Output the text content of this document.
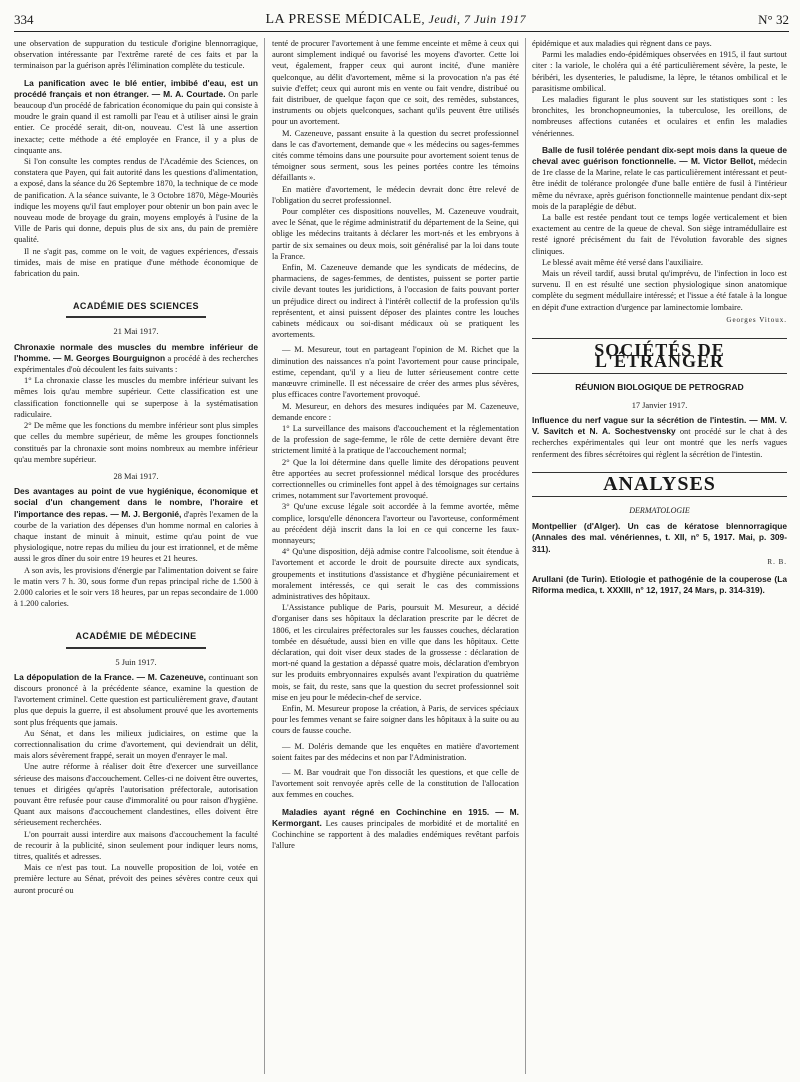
334	LA PRESSE MÉDICALE, Jeudi, 7 Juin 1917	N° 32

une observation de suppuration du testicule d'origine blennorragique, observation intéressante par l'extrême rareté de ces faits et par la terminaison par la guérison après l'élimination complète du testicule.

La panification avec le blé entier, imbibé d'eau, est un procédé français et non étranger. — M. A. Courtade. On parle beaucoup d'un procédé de fabrication économique du pain qui consiste à moudre le grain quand il est ramolli par l'eau et à utiliser ainsi le grain entier. Ce procédé serait, dit-on, nouveau. C'est là une assertion inexacte; cette méthode a été employée en France, il y a plus de cinquante ans.

Si l'on consulte les comptes rendus de l'Académie des Sciences, on constatera que Payen, qui fait autorité dans les questions d'alimentation, a exposé, dans la séance du 26 Septembre 1870, la technique de ce mode de panification. A la séance suivante, le 3 Octobre 1870, Mège-Mouriès indique les moyens qu'il faut employer pour obtenir un bon pain avec le nouveau mode de broyage du grain, moyens employés à l'usine de la Ville de Paris qui donne, depuis plus de six ans, du pain de première qualité.

Il ne s'agit pas, comme on le voit, de vagues expériences, d'essais timides, mais de mise en pratique d'une méthode économique de fabrication du pain.

ACADÉMIE DES SCIENCES
21 Mai 1917.

Chronaxie normale des muscles du membre inférieur de l'homme. — M. Georges Bourguignon a procédé à des recherches expérimentales d'où découlent les faits suivants :

1° La chronaxie classe les muscles du membre inférieur suivant les mêmes lois qu'au membre supérieur. Cette classification est une classification fonctionnelle qui se superpose à la systématisation radiculaire.

2° De même que les fonctions du membre inférieur sont plus simples que celles du membre supérieur, de même les groupes fonctionnels constitués par la chronaxie sont moins nombreux au membre inférieur qu'au membre supérieur.

28 Mai 1917.

Des avantages au point de vue hygiénique, économique et social d'un changement dans le nombre, l'horaire et l'importance des repas. — M. J. Bergonié, d'après l'examen de la courbe de la variation des dépenses d'un homme normal en calories à chaque instant de minuit à minuit, estime qu'au point de vue physiologique, notre repas du milieu du jour est irrationnel, et de même aussi le gros dîner du soir entre 19 heures et 21 heures.

A son avis, les provisions d'énergie par l'alimentation doivent se faire le matin vers 7 h. 30, sous forme d'un repas principal riche de 1.500 à 2.000 calories et le soir vers 18 heures, par un repas secondaire de 1.000 à 1.200 calories.

ACADÉMIE DE MÉDECINE
5 Juin 1917.

La dépopulation de la France. — M. Cazeneuve, continuant son discours prononcé à la précédente séance, examine la question de l'avortement criminel. Cette question est particulièrement grave, d'autant plus que depuis la guerre, il est absolument prouvé que les avortements sont plus fréquents que jamais.

Au Sénat, et dans les milieux judiciaires, on estime que la correctionnalisation du crime d'avortement, qui deviendrait un délit, mais alors sévèrement frappé, serait un moyen d'enrayer le mal.

Une autre réforme à réaliser doit être d'exercer une surveillance sérieuse des maisons d'accouchement. Celles-ci ne doivent être ouvertes, tenues et dirigées qu'après l'autorisation préfectorale, autorisation pouvant être refusée pour cause d'immoralité ou pour raison d'hygiène. Quant aux maisons d'accouchement clandestines, elles doivent être sérieusement recherchées.

L'on pourrait aussi interdire aux maisons d'accouchement la faculté de recourir à la publicité, sinon seulement pour indiquer leurs noms, titres, qualités et adresses.

Mais ce n'est pas tout. La nouvelle proposition de loi, votée en première lecture au Sénat, prévoit des peines sévères contre ceux qui auront procuré ou

tenté de procurer l'avortement à une femme enceinte et même à ceux qui auront simplement indiqué ou favorisé les moyens d'avorter. Cette loi veut, également, frapper ceux qui auront incité, d'une manière quelconque, au délit d'avortement, même si la provocation n'a pas été suivie d'effet; ceux qui auront mis en vente ou fait vendre, distribué ou fait distribuer, de quelque façon que ce soit, des remèdes, substances, instruments ou objets quelconques, sachant qu'ils peuvent être utilisés pour un avortement.

M. Cazeneuve, passant ensuite à la question du secret professionnel dans le cas d'avortement, demande que « les médecins ou sages-femmes cités comme témoins dans une poursuite pour avortement soient tenus de témoigner sous serment, sous les peines portées contre les témoins défaillants ».

En matière d'avortement, le médecin devrait donc être relevé de l'obligation du secret professionnel.

Pour compléter ces dispositions nouvelles, M. Cazeneuve voudrait, avec le Sénat, que le régime administratif du département de la Seine, qui oblige les médecins traitants à déclarer les mort-nés et les embryons à partir de six semaines ou deux mois, soit généralisé par la loi dans toute la France.

Enfin, M. Cazeneuve demande que les syndicats de médecins, de pharmaciens, de sages-femmes, de dentistes, puissent se porter partie civile devant toutes les juridictions, à l'occasion de faits pouvant porter un préjudice direct ou indirect à l'intérêt collectif de la profession qu'ils représentent, et ainsi puissent déposer des plaintes contre les louches cabinets médicaux ou soi-disant médicaux où se pratiquent les avortements.

— M. Mesureur, tout en partageant l'opinion de M. Richet que la diminution des naissances n'a point l'avortement pour cause principale, estime, cependant, qu'il y a lieu de lutter sérieusement contre cette manœuvre criminelle. Il est nécessaire de créer des armes plus sévères, plus efficaces contre l'avortement provoqué.

M. Mesureur, en dehors des mesures indiquées par M. Cazeneuve, demande encore :

1° La surveillance des maisons d'accouchement et la réglementation de la profession de sage-femme, le rôle de cette dernière devant être strictement limité à la pratique de l'accouchement normal;

2° Que la loi détermine dans quelle limite des déropations peuvent être apportées au secret professionnel médical lorsque des procédures correctionnelles ou criminelles font appel à des témoignages sur certains crimes, notamment sur l'avortement provoqué.

3° Qu'une excuse légale soit accordée à la femme avortée, même complice, lorsqu'elle dénoncera l'avorteur ou l'avorteuse, conformément au précédent déjà inscrit dans la loi en ce qui concerne les faux-monnayeurs;

4° Qu'une disposition, déjà admise contre l'alcoolisme, soit étendue à l'avortement et accorde le droit de poursuite directe aux syndicats, groupements et institutions d'assistance et d'hygiène pécuniairement et moralement intéressés, ce qui serait le cas des commissions administratives des hôpitaux.

L'Assistance publique de Paris, poursuit M. Mesureur, a décidé d'organiser dans ses hôpitaux la déclaration prescrite par le décret de 1806, et les circulaires préfectorales sur les fausses couches, déclaration tombée en désuétude, aussi bien en ville que dans les hôpitaux. Cette déclaration, qui doit viser deux stades de la grossesse : déclaration de mort-né quand la gestation a dépassé quatre mois, déclaration d'embryon sur les produits embryonnaires expulsés avant l'expiration du quatrième mois, se fait, du reste, sans que la question du secret professionnel soit mise en jeu pour le médecin-chef de service.

Enfin, M. Mesureur propose la création, à Paris, de services spéciaux pour les femmes venant se faire soigner dans les hôpitaux à la suite ou au cours de fausse couche.

— M. Doléris demande que les enquêtes en matière d'avortement soient faites par des médecins et non par l'Administration.

— M. Bar voudrait que l'on dissociât les questions, et que celle de l'avortement soit renvoyée après celle de la constitution de l'allocation aux femmes en couches.

Maladies ayant régné en Cochinchine en 1915. — M. Kermorgant. Les causes principales de morbidité et de mortalité en Cochinchine se rapportent à des maladies endémiques revêtant parfois l'allure

épidémique et aux maladies qui règnent dans ce pays.

Parmi les maladies endo-épidémiques observées en 1915, il faut surtout citer : la variole, le choléra qui a été particulièrement sévère, la peste, le béribéri, les dysenteries, le paludisme, la lèpre, le tétanos ombilical et le parasitisme ombilical.

Les maladies figurant le plus souvent sur les statistiques sont : les bronchites, les bronchopneumonies, la tuberculose, les oreillons, de nombreuses affections cutanées et oculaires et enfin les maladies vénériennes.

Balle de fusil tolérée pendant dix-sept mois dans la queue de cheval avec guérison fonctionnelle. — M. Victor Bellot, médecin de 1re classe de la Marine, relate le cas particulièrement intéressant et peut-être inédit de tolérance prolongée d'une balle entière de fusil à l'intérieur même du névraxe, après guérison fonctionnelle maintenue pendant dix-sept mois de la paraplégie de début.

La balle est restée pendant tout ce temps logée verticalement et bien exactement au centre de la queue de cheval. Son siège intramédullaire est resté ignoré précisément du fait de l'évolution favorable des signes cliniques.

Le blessé avait même été versé dans l'auxiliaire.

Mais un réveil tardif, aussi brutal qu'imprévu, de l'infection in loco est survenu. Il en est résulté une section physiologique sinon anatomique complète du segment médullaire intéressé; et l'issue a été fatale à la longue en dépit d'une extraction d'urgence par laminectomie lombaire.

Georges Vitoux.
SOCIÉTÉS DE L'ÉTRANGER
RÉUNION BIOLOGIQUE DE PETROGRAD
17 Janvier 1917.

Influence du nerf vague sur la sécrétion de l'intestin. — MM. V. V. Savitch et N. A. Sochestvensky ont procédé sur le chat à des recherches expérimentales qui leur ont montré que les nerfs vagues renferment des fibres sécrétoires qui règlent la sécrétion de l'intestin.

ANALYSES
DERMATOLOGIE

Montpellier (d'Alger). Un cas de kératose blennorragique (Annales des mal. vénériennes, t. XII, n° 5, 1917. Mai, p. 309-311).

R. B.

Arullani (de Turin). Etiologie et pathogénie de la couperose (La Riforma medica, t. XXXIII, n° 12, 1917, 24 Mars, p. 314-319).
